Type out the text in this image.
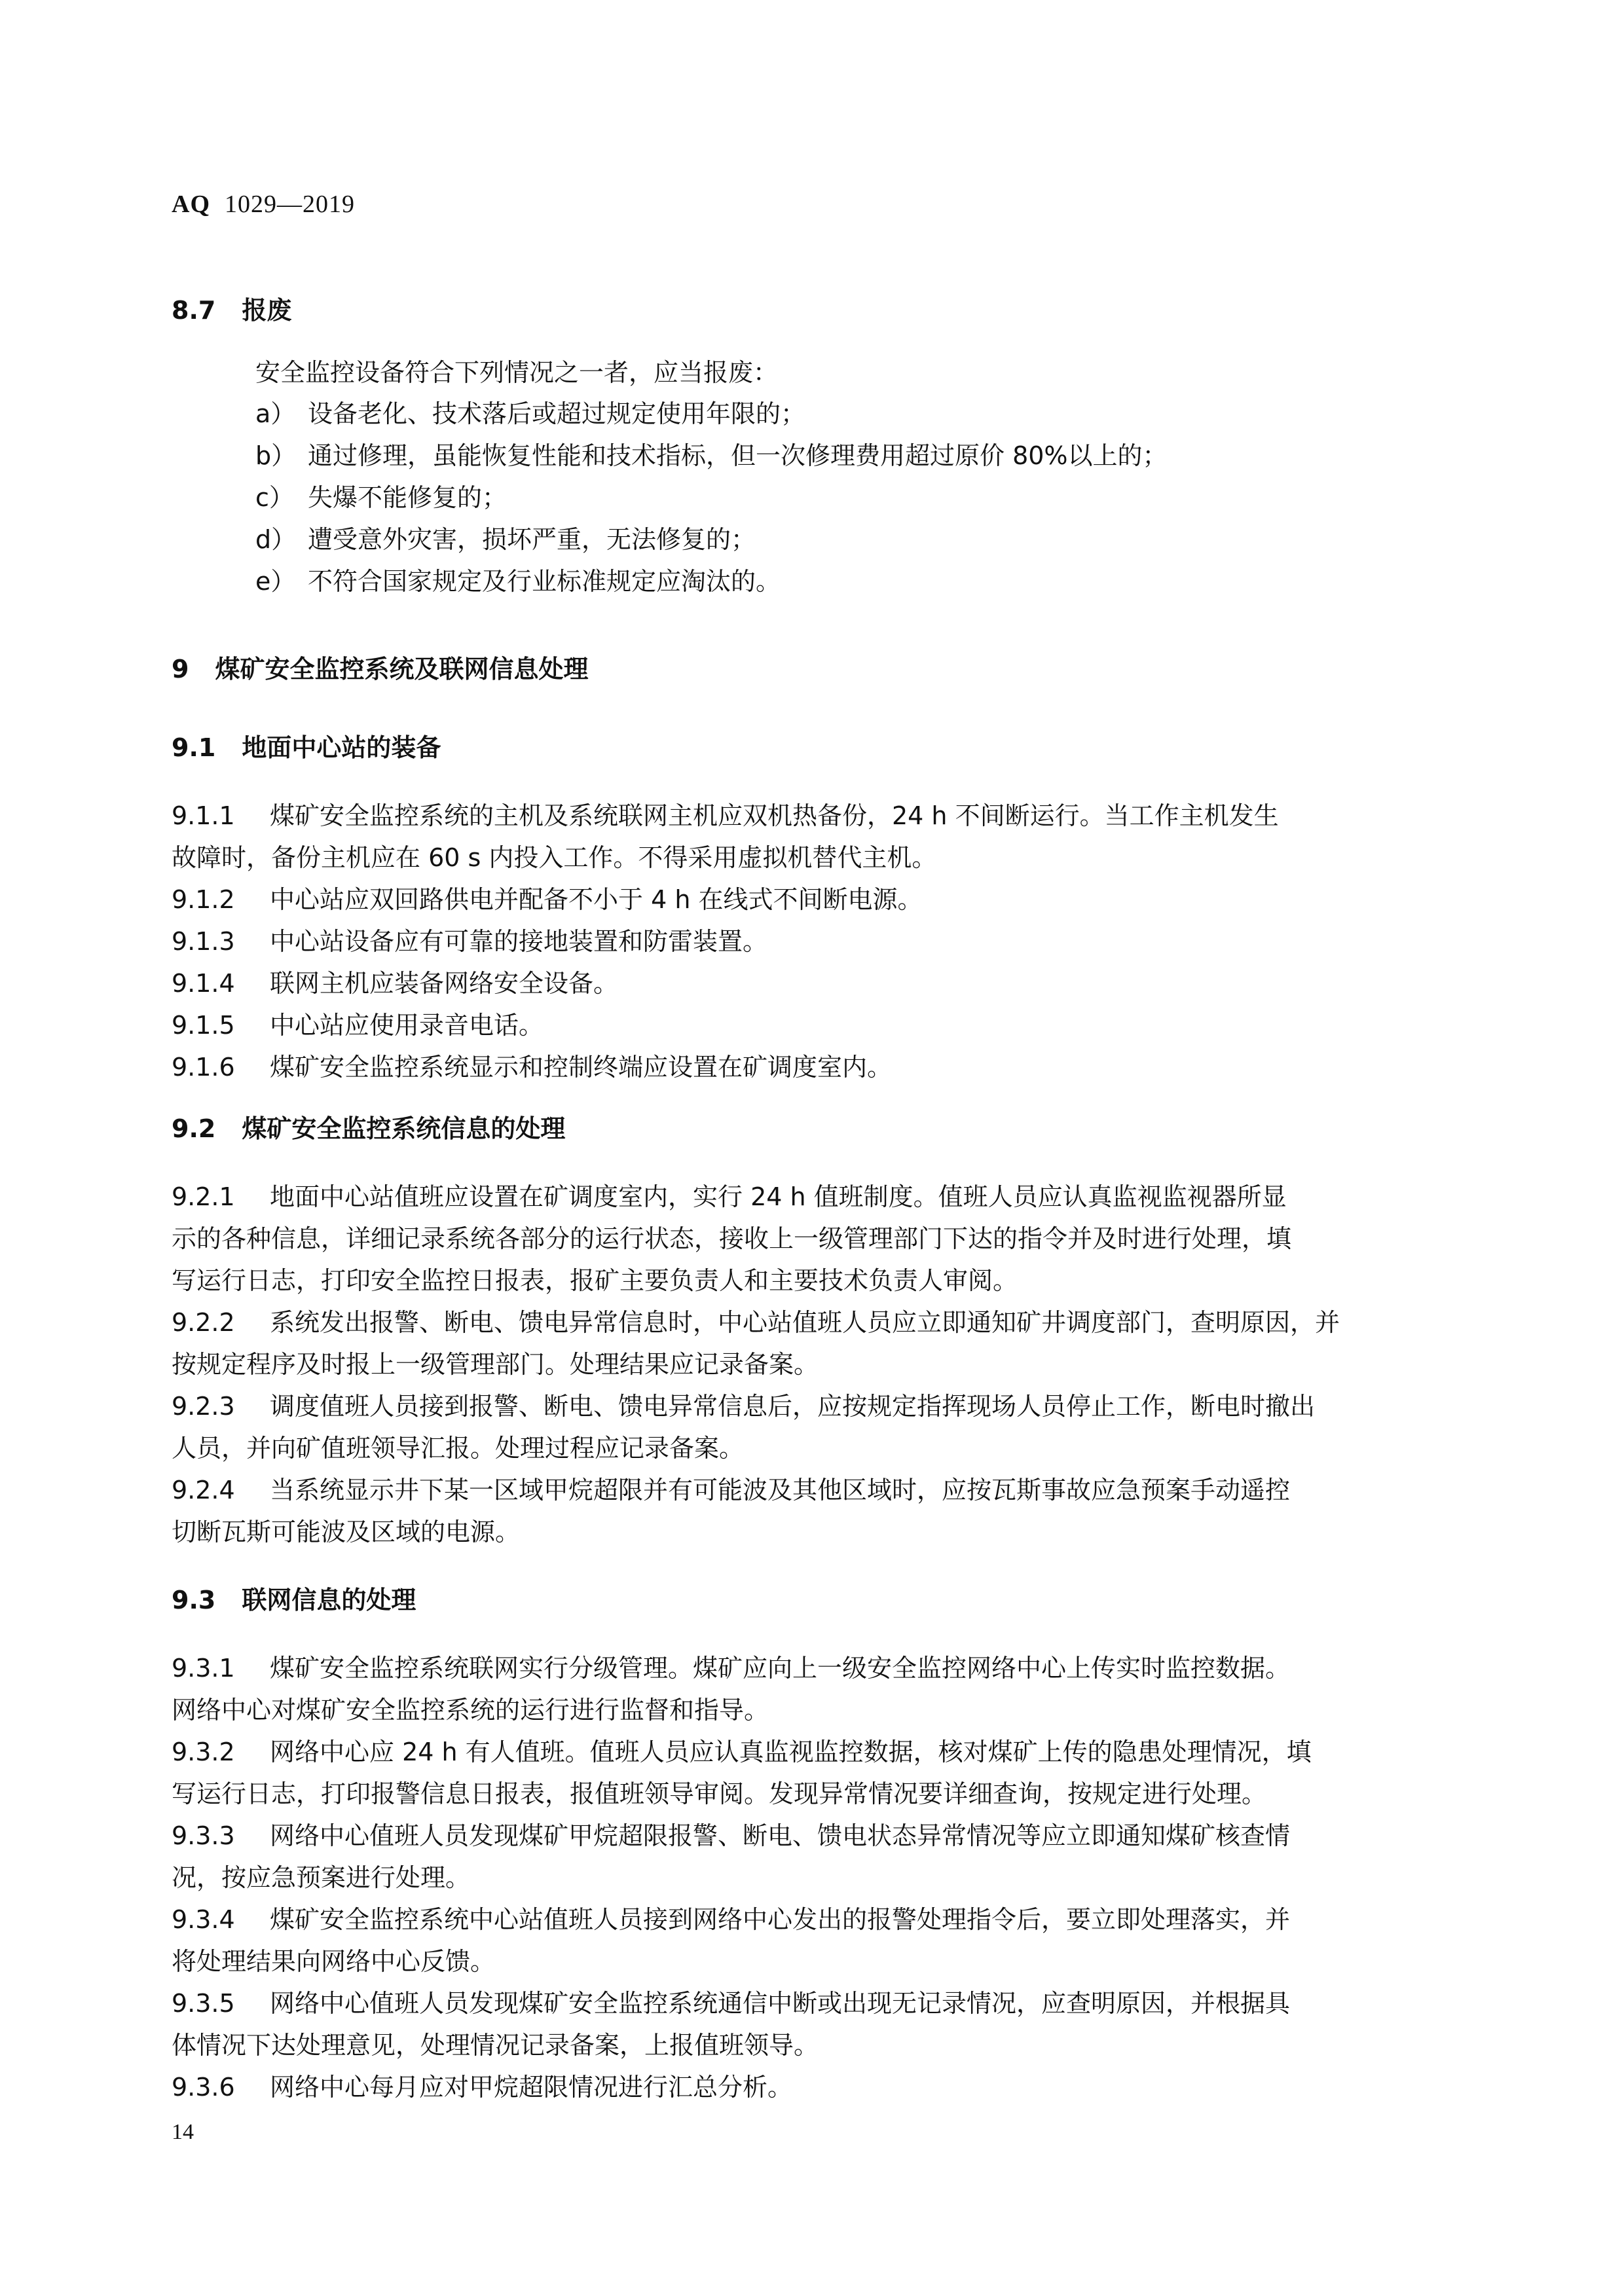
AQ 1029—2019
8.7 报废
安全监控设备符合下列情况之一者，应当报废：
a） 设备老化、技术落后或超过规定使用年限的；
b） 通过修理，虽能恢复性能和技术指标，但一次修理费用超过原价 80%以上的；
c） 失爆不能修复的；
d） 遭受意外灾害，损坏严重，无法修复的；
e） 不符合国家规定及行业标准规定应淘汰的。
9 煤矿安全监控系统及联网信息处理
9.1 地面中心站的装备
9.1.1 煤矿安全监控系统的主机及系统联网主机应双机热备份，24 h 不间断运行。当工作主机发生
故障时，备份主机应在 60 s 内投入工作。不得采用虚拟机替代主机。
9.1.2 中心站应双回路供电并配备不小于 4 h 在线式不间断电源。
9.1.3 中心站设备应有可靠的接地装置和防雷装置。
9.1.4 联网主机应装备网络安全设备。
9.1.5 中心站应使用录音电话。
9.1.6 煤矿安全监控系统显示和控制终端应设置在矿调度室内。
9.2 煤矿安全监控系统信息的处理
9.2.1 地面中心站值班应设置在矿调度室内，实行 24 h 值班制度。值班人员应认真监视监视器所显
示的各种信息，详细记录系统各部分的运行状态，接收上一级管理部门下达的指令并及时进行处理，填
写运行日志，打印安全监控日报表，报矿主要负责人和主要技术负责人审阅。
9.2.2 系统发出报警、断电、馈电异常信息时，中心站值班人员应立即通知矿井调度部门，查明原因，并
按规定程序及时报上一级管理部门。处理结果应记录备案。
9.2.3 调度值班人员接到报警、断电、馈电异常信息后，应按规定指挥现场人员停止工作，断电时撤出
人员，并向矿值班领导汇报。处理过程应记录备案。
9.2.4 当系统显示井下某一区域甲烷超限并有可能波及其他区域时，应按瓦斯事故应急预案手动遥控
切断瓦斯可能波及区域的电源。
9.3 联网信息的处理
9.3.1 煤矿安全监控系统联网实行分级管理。煤矿应向上一级安全监控网络中心上传实时监控数据。
网络中心对煤矿安全监控系统的运行进行监督和指导。
9.3.2 网络中心应 24 h 有人值班。值班人员应认真监视监控数据，核对煤矿上传的隐患处理情况，填
写运行日志，打印报警信息日报表，报值班领导审阅。发现异常情况要详细查询，按规定进行处理。
9.3.3 网络中心值班人员发现煤矿甲烷超限报警、断电、馈电状态异常情况等应立即通知煤矿核查情
况，按应急预案进行处理。
9.3.4 煤矿安全监控系统中心站值班人员接到网络中心发出的报警处理指令后，要立即处理落实，并
将处理结果向网络中心反馈。
9.3.5 网络中心值班人员发现煤矿安全监控系统通信中断或出现无记录情况，应查明原因，并根据具
体情况下达处理意见，处理情况记录备案，上报值班领导。
9.3.6 网络中心每月应对甲烷超限情况进行汇总分析。
14
